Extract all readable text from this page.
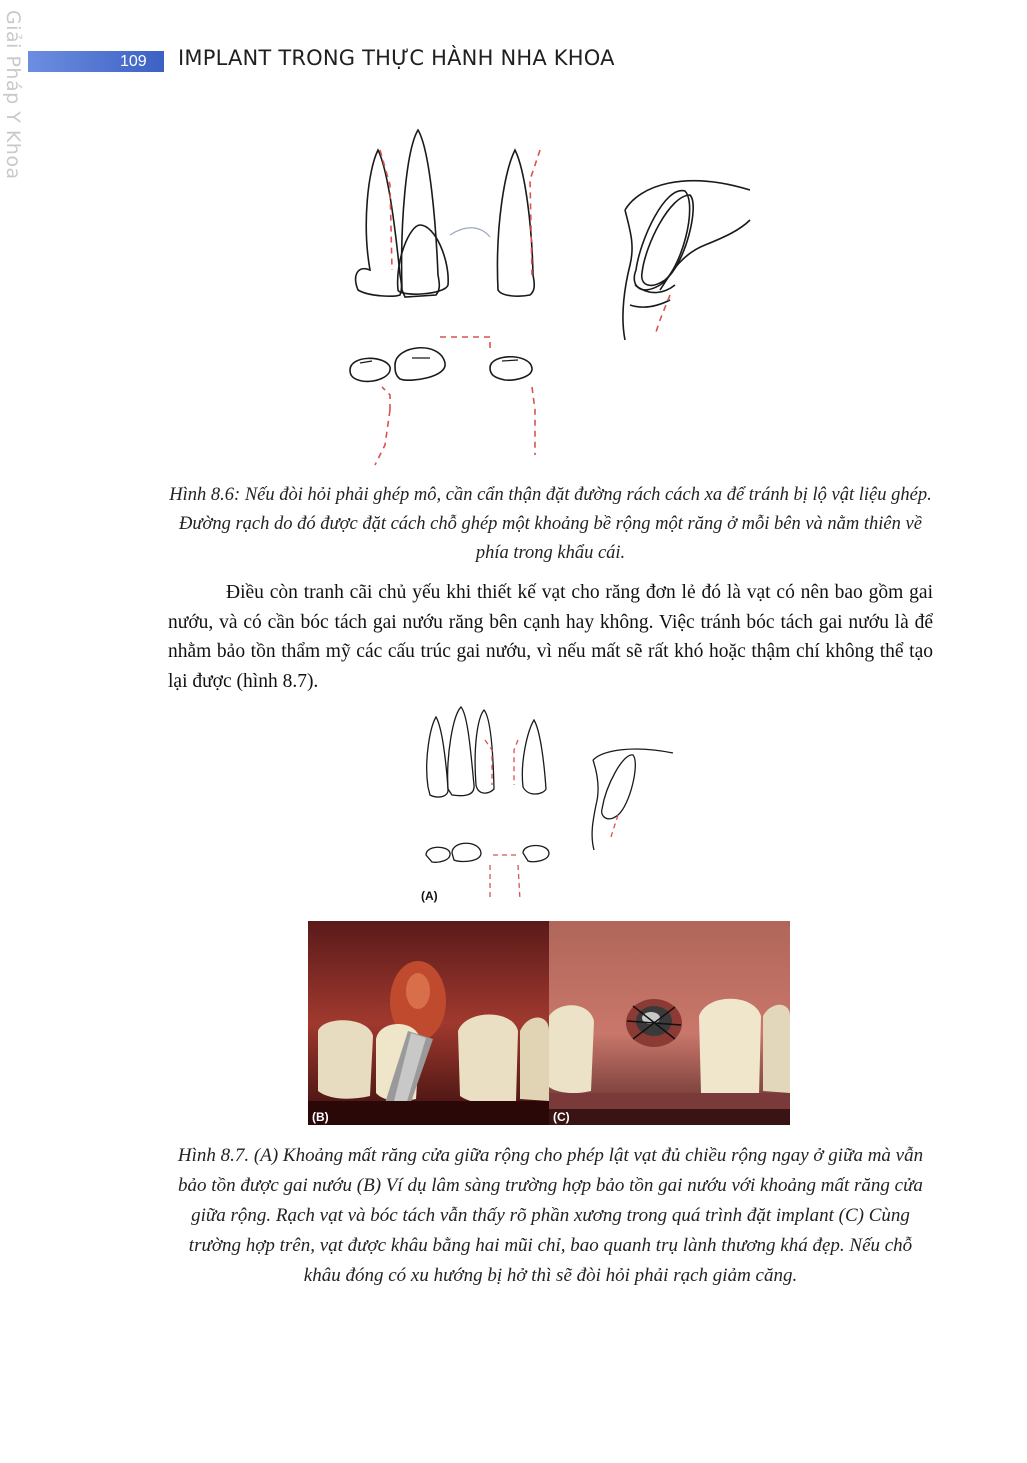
Giải Pháp Y Khoa	109	IMPLANT TRONG THỰC HÀNH NHA KHOA
Hình 8.6: Nếu đòi hỏi phải ghép mô, cần cẩn thận đặt đường rách cách xa để tránh bị lộ vật liệu ghép. Đường rạch do đó được đặt cách chỗ ghép một khoảng bề rộng một răng ở mỗi bên và nằm thiên về phía trong khẩu cái.
Điều còn tranh cãi chủ yếu khi thiết kế vạt cho răng đơn lẻ đó là vạt có nên bao gồm gai nướu, và có cần bóc tách gai nướu răng bên cạnh hay không. Việc tránh bóc tách gai nướu là để nhằm bảo tồn thẩm mỹ các cấu trúc gai nướu, vì nếu mất sẽ rất khó hoặc thậm chí không thể tạo lại được (hình 8.7).
(A)
(B)	(C)
Hình 8.7. (A) Khoảng mất răng cửa giữa rộng cho phép lật vạt đủ chiều rộng ngay ở giữa mà vẫn bảo tồn được gai nướu (B) Ví dụ lâm sàng trường hợp bảo tồn gai nướu với khoảng mất răng cửa giữa rộng. Rạch vạt và bóc tách vẫn thấy rõ phần xương trong quá trình đặt implant (C) Cùng trường hợp trên, vạt được khâu bằng hai mũi chỉ, bao quanh trụ lành thương khá đẹp. Nếu chỗ khâu đóng có xu hướng bị hở thì sẽ đòi hỏi phải rạch giảm căng.
